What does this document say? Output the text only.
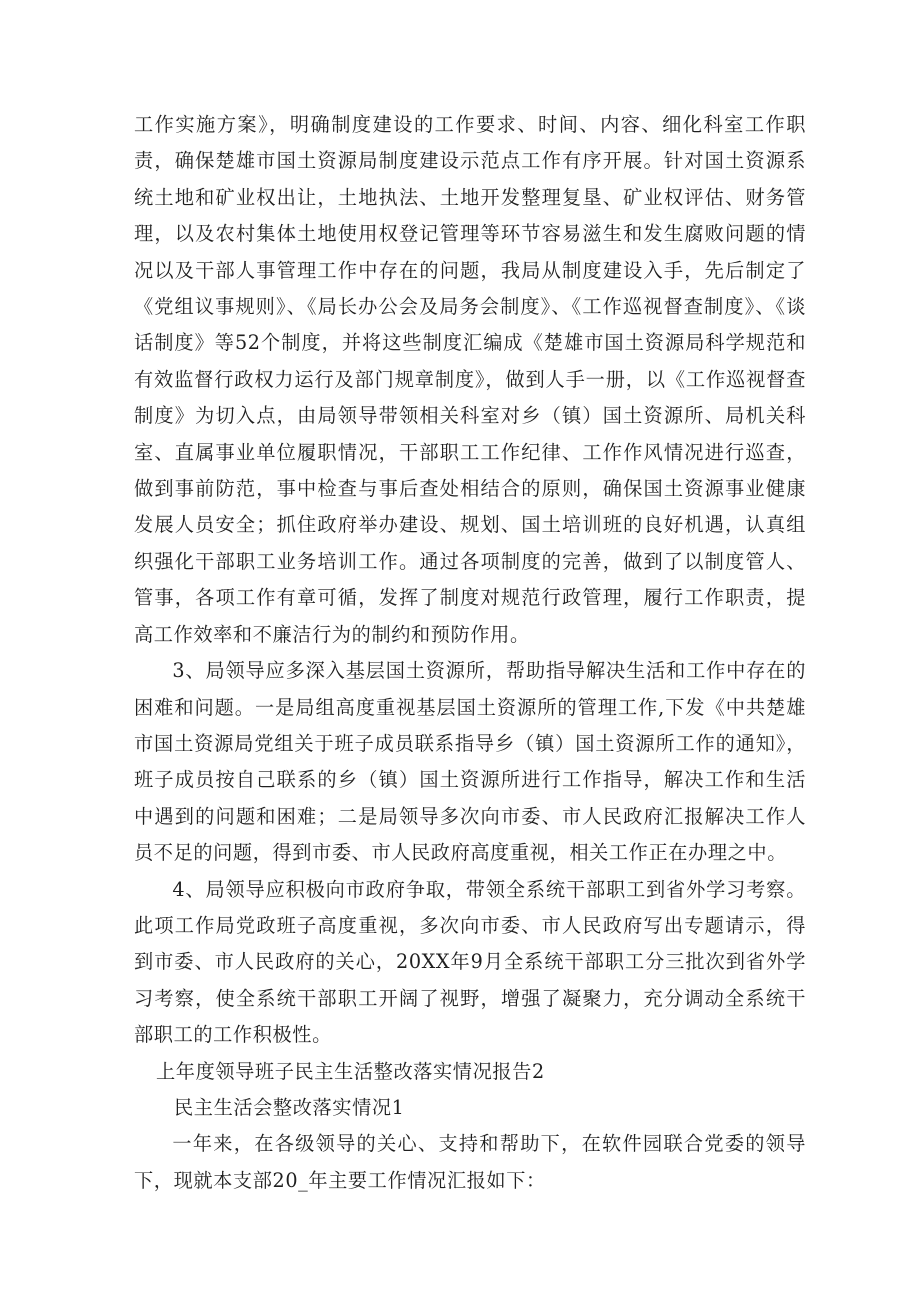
工作实施方案》，明确制度建设的工作要求、时间、内容、细化科室工作职责，确保楚雄市国土资源局制度建设示范点工作有序开展。针对国土资源系统土地和矿业权出让，土地执法、土地开发整理复垦、矿业权评估、财务管理，以及农村集体土地使用权登记管理等环节容易滋生和发生腐败问题的情况以及干部人事管理工作中存在的问题，我局从制度建设入手，先后制定了《党组议事规则》、《局长办公会及局务会制度》、《工作巡视督查制度》、《谈话制度》等52个制度，并将这些制度汇编成《楚雄市国土资源局科学规范和有效监督行政权力运行及部门规章制度》，做到人手一册，以《工作巡视督查制度》为切入点，由局领导带领相关科室对乡（镇）国土资源所、局机关科室、直属事业单位履职情况，干部职工工作纪律、工作作风情况进行巡查，做到事前防范，事中检查与事后查处相结合的原则，确保国土资源事业健康发展人员安全；抓住政府举办建设、规划、国土培训班的良好机遇，认真组织强化干部职工业务培训工作。通过各项制度的完善，做到了以制度管人、管事，各项工作有章可循，发挥了制度对规范行政管理，履行工作职责，提高工作效率和不廉洁行为的制约和预防作用。

3、局领导应多深入基层国土资源所，帮助指导解决生活和工作中存在的困难和问题。一是局组高度重视基层国土资源所的管理工作,下发《中共楚雄市国土资源局党组关于班子成员联系指导乡（镇）国土资源所工作的通知》，班子成员按自己联系的乡（镇）国土资源所进行工作指导，解决工作和生活中遇到的问题和困难；二是局领导多次向市委、市人民政府汇报解决工作人员不足的问题，得到市委、市人民政府高度重视，相关工作正在办理之中。

4、局领导应积极向市政府争取，带领全系统干部职工到省外学习考察。此项工作局党政班子高度重视，多次向市委、市人民政府写出专题请示，得到市委、市人民政府的关心，20XX年9月全系统干部职工分三批次到省外学习考察，使全系统干部职工开阔了视野，增强了凝聚力，充分调动全系统干部职工的工作积极性。

上年度领导班子民主生活整改落实情况报告2

民主生活会整改落实情况1

一年来，在各级领导的关心、支持和帮助下，在软件园联合党委的领导下，现就本支部20_年主要工作情况汇报如下：
